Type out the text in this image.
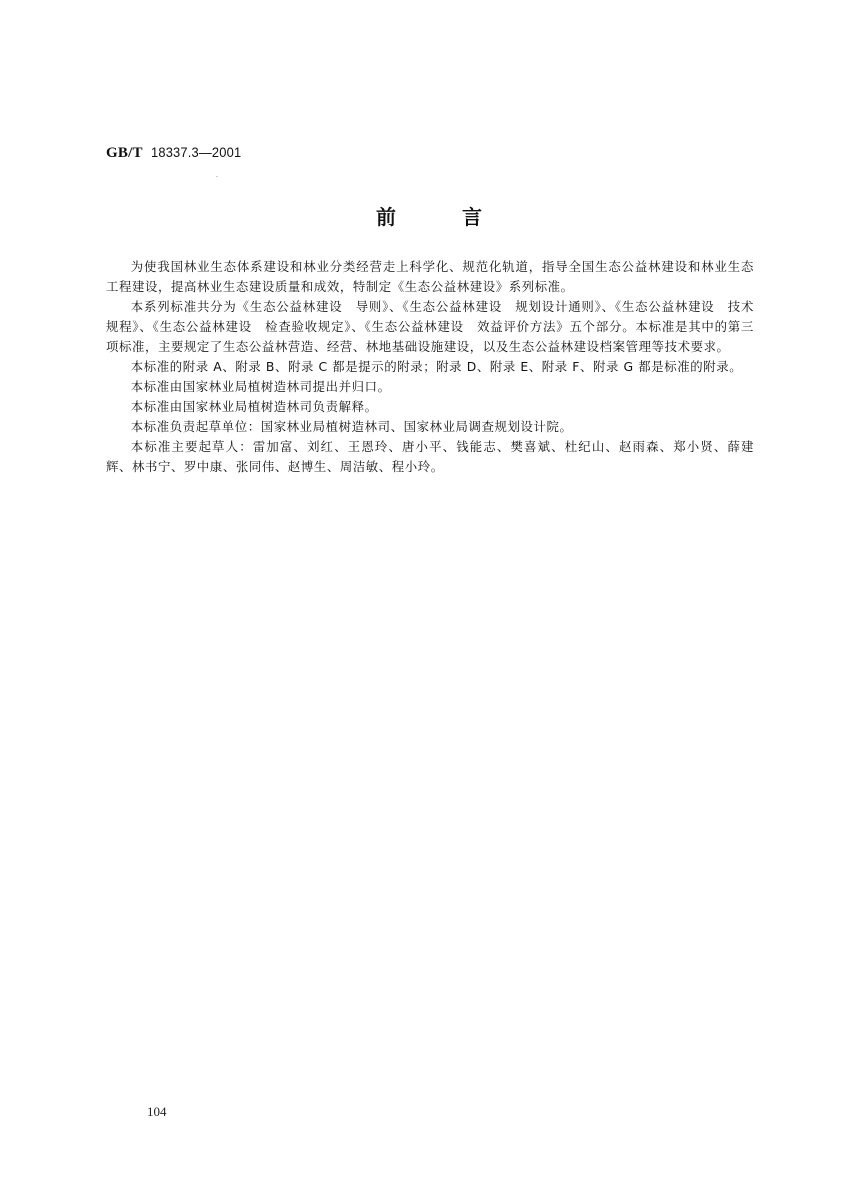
GB/T 18337.3—2001
前	言

为使我国林业生态体系建设和林业分类经营走上科学化、规范化轨道，指导全国生态公益林建设和林业生态工程建设，提高林业生态建设质量和成效，特制定《生态公益林建设》系列标准。

本系列标准共分为《生态公益林建设　导则》、《生态公益林建设　规划设计通则》、《生态公益林建设　技术规程》、《生态公益林建设　检查验收规定》、《生态公益林建设　效益评价方法》五个部分。本标准是其中的第三项标准，主要规定了生态公益林营造、经营、林地基础设施建设，以及生态公益林建设档案管理等技术要求。

本标准的附录 A、附录 B、附录 C 都是提示的附录；附录 D、附录 E、附录 F、附录 G 都是标准的附录。

本标准由国家林业局植树造林司提出并归口。

本标准由国家林业局植树造林司负责解释。

本标准负责起草单位：国家林业局植树造林司、国家林业局调查规划设计院。

本标准主要起草人：雷加富、刘红、王恩玲、唐小平、钱能志、樊喜斌、杜纪山、赵雨森、郑小贤、薛建辉、林书宁、罗中康、张同伟、赵博生、周洁敏、程小玲。

104
